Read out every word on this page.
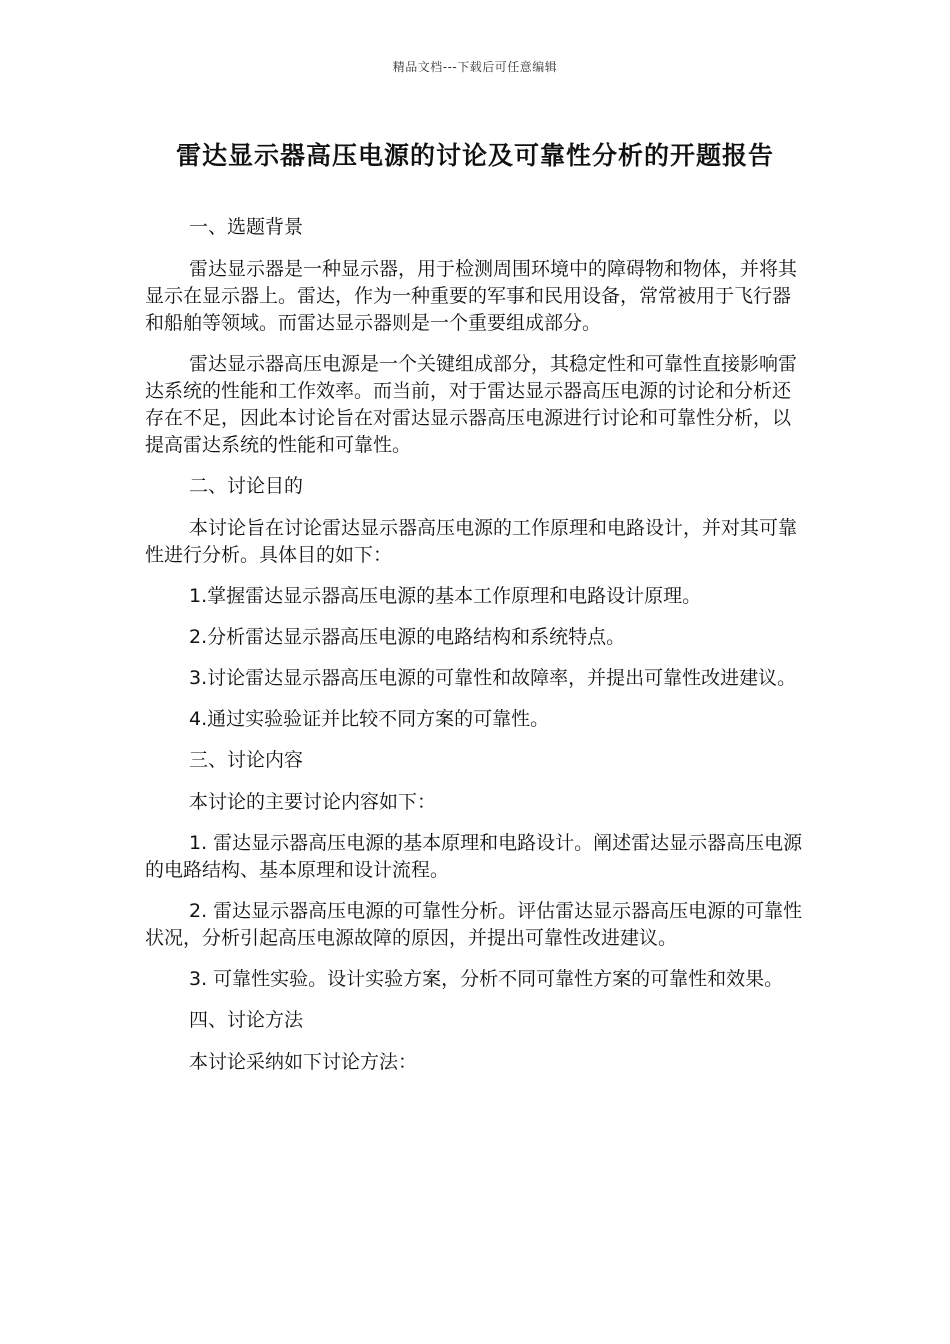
精品文档---下载后可任意编辑
雷达显示器高压电源的讨论及可靠性分析的开题报告

一、选题背景

雷达显示器是一种显示器，用于检测周围环境中的障碍物和物体，并将其显示在显示器上。雷达，作为一种重要的军事和民用设备，常常被用于飞行器和船舶等领域。而雷达显示器则是一个重要组成部分。

雷达显示器高压电源是一个关键组成部分，其稳定性和可靠性直接影响雷达系统的性能和工作效率。而当前，对于雷达显示器高压电源的讨论和分析还存在不足，因此本讨论旨在对雷达显示器高压电源进行讨论和可靠性分析，以提高雷达系统的性能和可靠性。

二、讨论目的

本讨论旨在讨论雷达显示器高压电源的工作原理和电路设计，并对其可靠性进行分析。具体目的如下：

1.掌握雷达显示器高压电源的基本工作原理和电路设计原理。

2.分析雷达显示器高压电源的电路结构和系统特点。

3.讨论雷达显示器高压电源的可靠性和故障率，并提出可靠性改进建议。

4.通过实验验证并比较不同方案的可靠性。

三、讨论内容

本讨论的主要讨论内容如下：

1. 雷达显示器高压电源的基本原理和电路设计。阐述雷达显示器高压电源的电路结构、基本原理和设计流程。

2. 雷达显示器高压电源的可靠性分析。评估雷达显示器高压电源的可靠性状况，分析引起高压电源故障的原因，并提出可靠性改进建议。

3. 可靠性实验。设计实验方案，分析不同可靠性方案的可靠性和效果。

四、讨论方法

本讨论采纳如下讨论方法：
